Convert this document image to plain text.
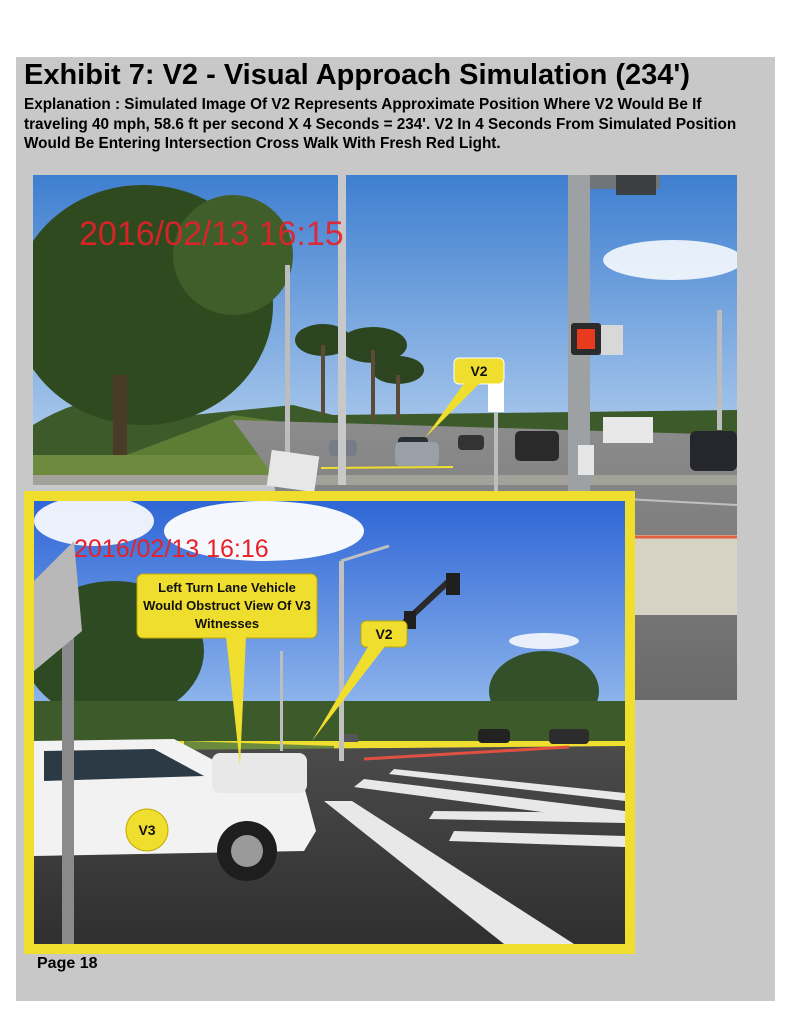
Exhibit 7: V2 - Visual Approach Simulation (234')
Explanation : Simulated Image Of V2 Represents Approximate Position Where V2 Would Be If traveling 40 mph, 58.6 ft per second X 4 Seconds = 234'. V2 In 4 Seconds From Simulated Position Would Be Entering Intersection Cross Walk With Fresh Red Light.
2016/02/13 16:15
V2
2016/02/13 16:16
Left Turn Lane Vehicle Would Obstruct View Of V3 Witnesses
V2
V3
Page 18
